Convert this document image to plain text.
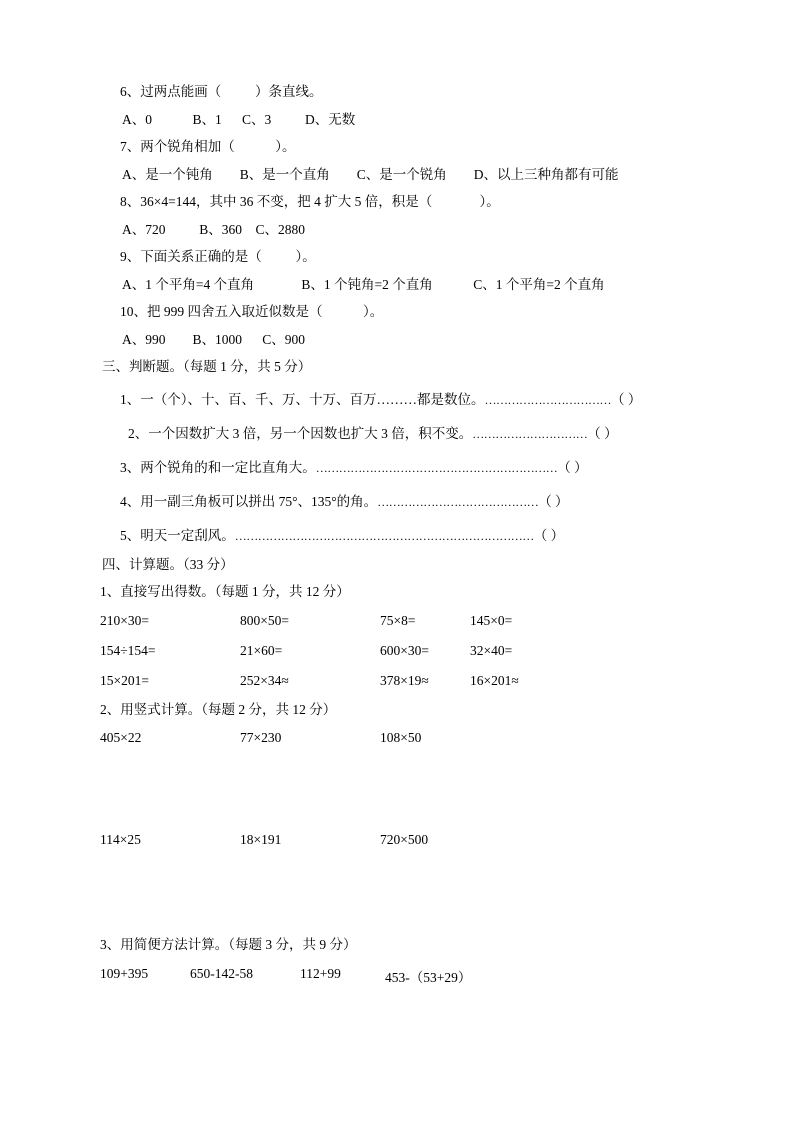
6、过两点能画（          ）条直线。
A、0            B、1      C、3          D、无数
7、两个锐角相加（            ）。
A、是一个钝角        B、是一个直角        C、是一个锐角        D、以上三种角都有可能
8、36×4=144，其中 36 不变，把 4 扩大 5 倍，积是（              ）。
A、720          B、360    C、2880
9、下面关系正确的是（          ）。
A、1 个平角=4 个直角              B、1 个钝角=2 个直角            C、1 个平角=2 个直角
10、把 999 四舍五入取近似数是（            ）。
A、990        B、1000      C、900
三、判断题。（每题 1 分，共 5 分）
1、一（个）、十、百、千、万、十万、百万………都是数位。……………………………（ ）
2、一个因数扩大 3 倍，另一个因数也扩大 3 倍，积不变。…………………………（ ）
3、两个锐角的和一定比直角大。………………………………………………………（ ）
4、用一副三角板可以拼出 75°、135°的角。……………………………………（ ）
5、明天一定刮风。……………………………………………………………………（ ）
四、计算题。（33 分）
1、直接写出得数。（每题 1 分，共 12 分）
210×30=	800×50=	75×8=	145×0=
154÷154=	21×60=	600×30=	32×40=
15×201=	252×34≈	378×19≈	16×201≈
2、用竖式计算。（每题 2 分，共 12 分）
405×22	77×230	108×50
114×25	18×191	720×500
3、用简便方法计算。（每题 3 分，共 9 分）
109+395	650-142-58	112+99	453-（53+29）
